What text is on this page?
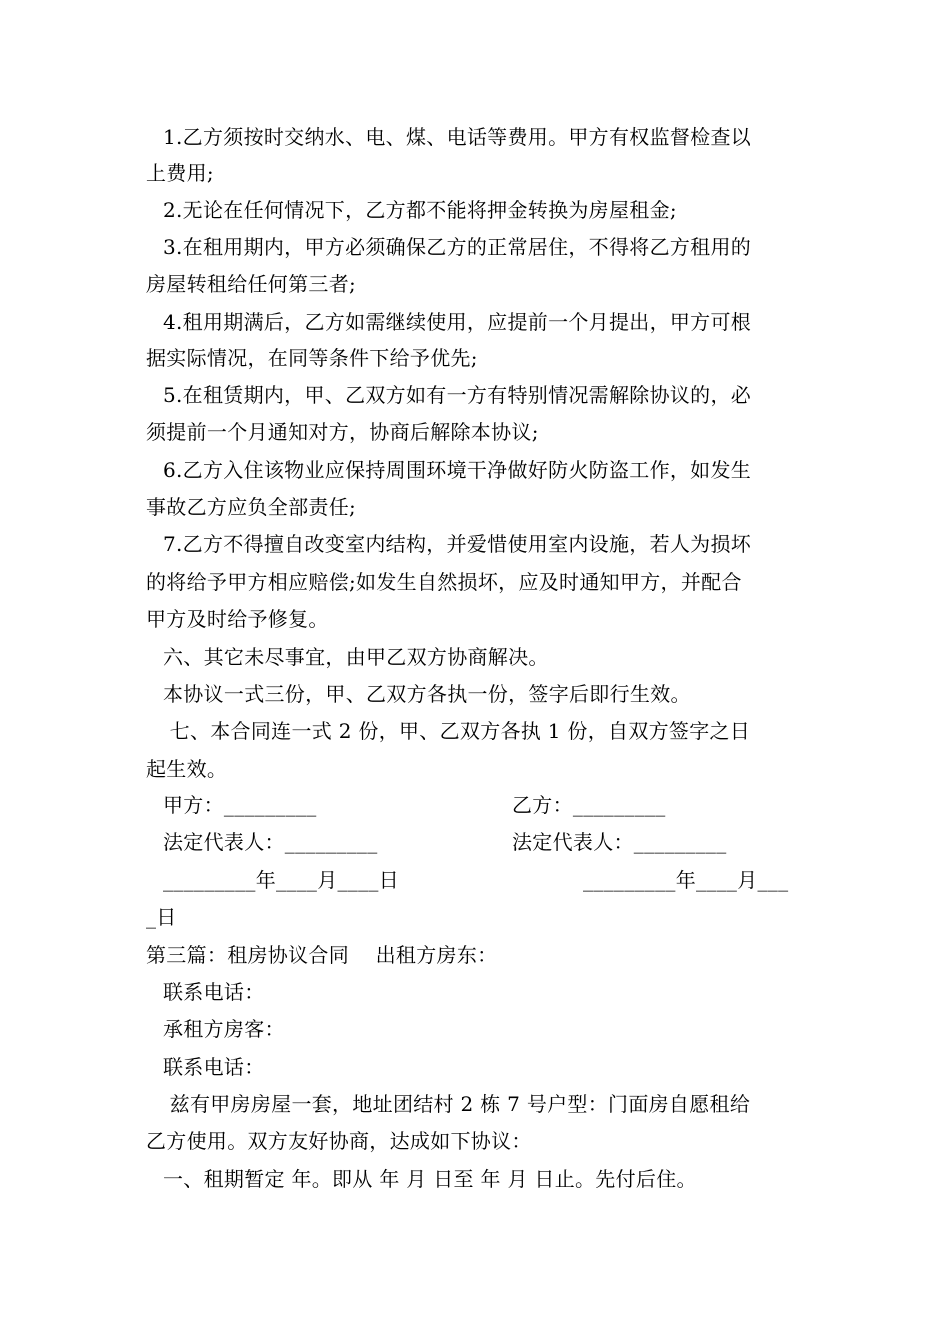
1.乙方须按时交纳水、电、煤、电话等费用。甲方有权监督检查以
上费用;
2.无论在任何情况下，乙方都不能将押金转换为房屋租金;
3.在租用期内，甲方必须确保乙方的正常居住，不得将乙方租用的
房屋转租给任何第三者;
4.租用期满后，乙方如需继续使用，应提前一个月提出，甲方可根
据实际情况，在同等条件下给予优先;
5.在租赁期内，甲、乙双方如有一方有特别情况需解除协议的，必
须提前一个月通知对方，协商后解除本协议;
6.乙方入住该物业应保持周围环境干净做好防火防盗工作，如发生
事故乙方应负全部责任;
7.乙方不得擅自改变室内结构，并爱惜使用室内设施，若人为损坏
的将给予甲方相应赔偿;如发生自然损坏，应及时通知甲方，并配合
甲方及时给予修复。
六、其它未尽事宜，由甲乙双方协商解决。
本协议一式三份，甲、乙双方各执一份，签字后即行生效。
七、本合同连一式 2 份，甲、乙双方各执 1 份，自双方签字之日
起生效。
甲方：_________	乙方：_________
法定代表人：_________	法定代表人：_________
_________年____月____日	_________年____月___
_日
第三篇：租房协议合同    出租方房东：
联系电话：
承租方房客：
联系电话：
兹有甲房房屋一套，地址团结村 2 栋 7 号户型：门面房自愿租给
乙方使用。双方友好协商，达成如下协议：
一、租期暂定 年。即从 年 月 日至 年 月 日止。先付后住。
